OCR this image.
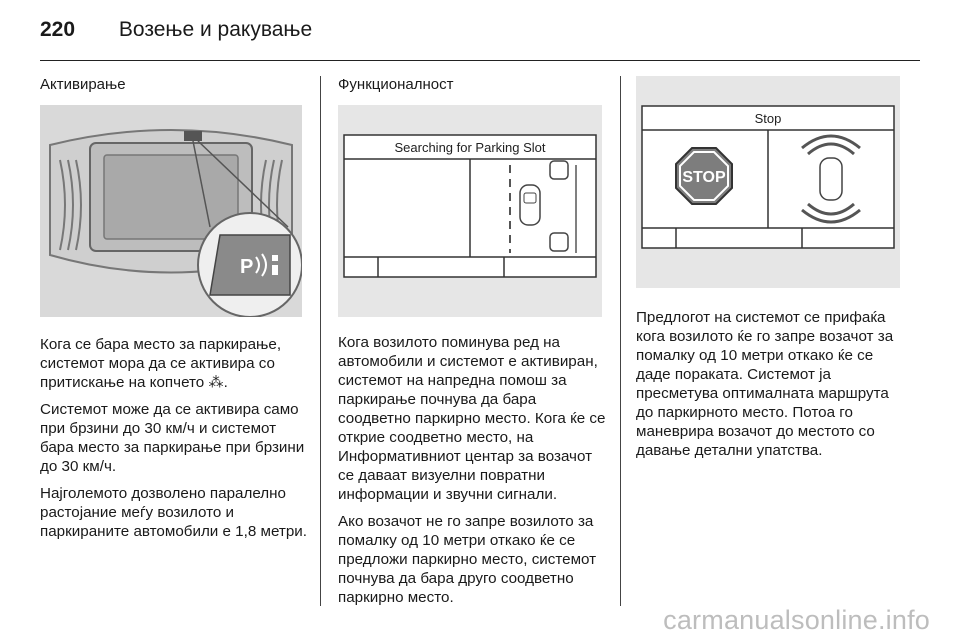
220 Возење и ракување
Активирање
P

Кога се бара место за паркирање, системот мора да се активира со притискање на копчето ⁂.

Системот може да се активира само при брзини до 30 км/ч и системот бара место за паркирање при брзини до 30 км/ч.

Најголемото дозволено паралелно растојание меѓу возилото и паркираните автомобили е 1,8 метри.

Функционалност
Searching for Parking Slot

Кога возилото поминува ред на автомобили и системот е активиран, системот на напредна помош за паркирање почнува да бара соодветно паркирно место. Кога ќе се открие соодветно место, на Информативниот центар за возачот се даваат визуелни повратни информации и звучни сигнали.

Ако возачот не го запре возилото за помалку од 10 метри откако ќе се предложи паркирно место, системот почнува да бара друго соодветно паркирно место.

Stop
STOP

Предлогот на системот се прифаќа кога возилото ќе го запре возачот за помалку од 10 метри откако ќе се даде пораката. Системот ја пресметува оптималната маршрута до паркирното место. Потоа го маневрира возачот до местото со давање детални упатства.

carmanualsonline.info
